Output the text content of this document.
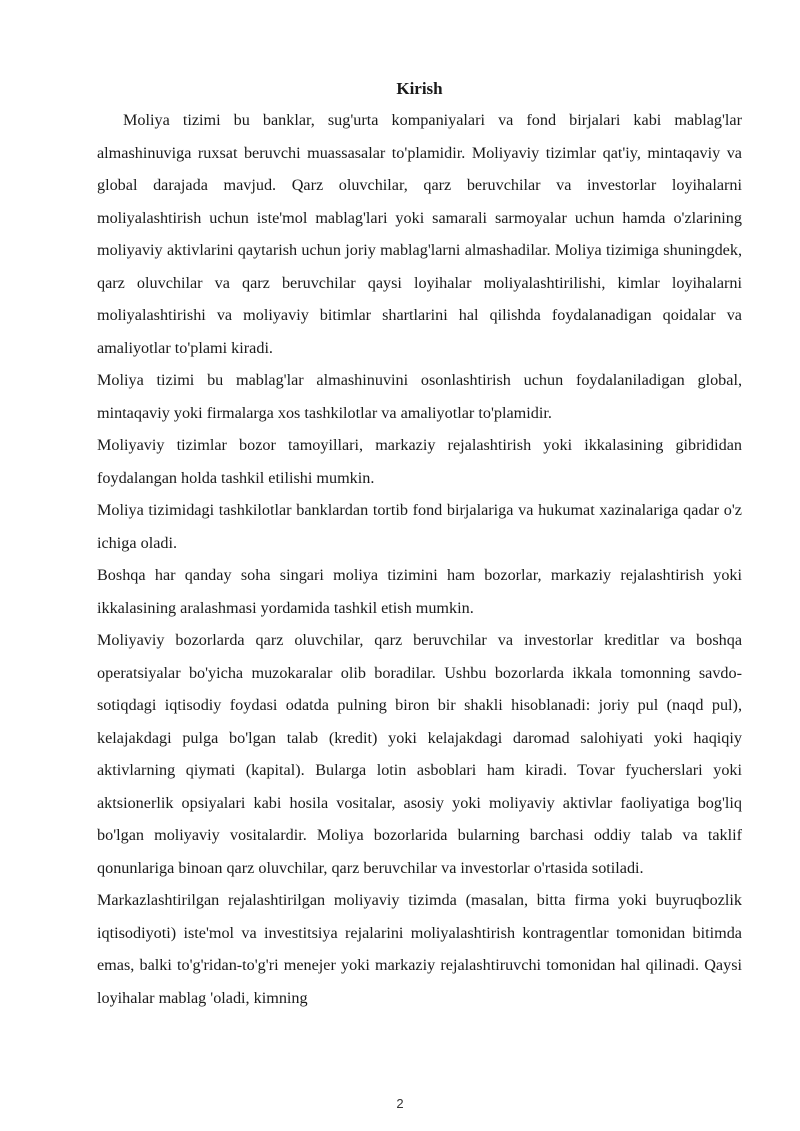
Kirish

Moliya tizimi bu banklar, sug'urta kompaniyalari va fond birjalari kabi mablag'lar almashinuviga ruxsat beruvchi muassasalar to'plamidir. Moliyaviy tizimlar qat'iy, mintaqaviy va global darajada mavjud. Qarz oluvchilar, qarz beruvchilar va investorlar loyihalarni moliyalashtirish uchun iste'mol mablag'lari yoki samarali sarmoyalar uchun hamda o'zlarining moliyaviy aktivlarini qaytarish uchun joriy mablag'larni almashadilar. Moliya tizimiga shuningdek, qarz oluvchilar va qarz beruvchilar qaysi loyihalar moliyalashtirilishi, kimlar loyihalarni moliyalashtirishi va moliyaviy bitimlar shartlarini hal qilishda foydalanadigan qoidalar va amaliyotlar to'plami kiradi.

Moliya tizimi bu mablag'lar almashinuvini osonlashtirish uchun foydalaniladigan global, mintaqaviy yoki firmalarga xos tashkilotlar va amaliyotlar to'plamidir.

Moliyaviy tizimlar bozor tamoyillari, markaziy rejalashtirish yoki ikkalasining gibrididan foydalangan holda tashkil etilishi mumkin.

Moliya tizimidagi tashkilotlar banklardan tortib fond birjalariga va hukumat xazinalariga qadar o'z ichiga oladi.

Boshqa har qanday soha singari moliya tizimini ham bozorlar, markaziy rejalashtirish yoki ikkalasining aralashmasi yordamida tashkil etish mumkin.

Moliyaviy bozorlarda qarz oluvchilar, qarz beruvchilar va investorlar kreditlar va boshqa operatsiyalar bo'yicha muzokaralar olib boradilar. Ushbu bozorlarda ikkala tomonning savdo-sotiqdagi iqtisodiy foydasi odatda pulning biron bir shakli hisoblanadi: joriy pul (naqd pul), kelajakdagi pulga bo'lgan talab (kredit) yoki kelajakdagi daromad salohiyati yoki haqiqiy aktivlarning qiymati (kapital). Bularga lotin asboblari ham kiradi. Tovar fyucherslari yoki aktsionerlik opsiyalari kabi hosila vositalar, asosiy yoki moliyaviy aktivlar faoliyatiga bog'liq bo'lgan moliyaviy vositalardir. Moliya bozorlarida bularning barchasi oddiy talab va taklif qonunlariga binoan qarz oluvchilar, qarz beruvchilar va investorlar o'rtasida sotiladi.

Markazlashtirilgan rejalashtirilgan moliyaviy tizimda (masalan, bitta firma yoki buyruqbozlik iqtisodiyoti) iste'mol va investitsiya rejalarini moliyalashtirish kontragentlar tomonidan bitimda emas, balki to'g'ridan-to'g'ri menejer yoki markaziy rejalashtiruvchi tomonidan hal qilinadi. Qaysi loyihalar mablag 'oladi, kimning

2
